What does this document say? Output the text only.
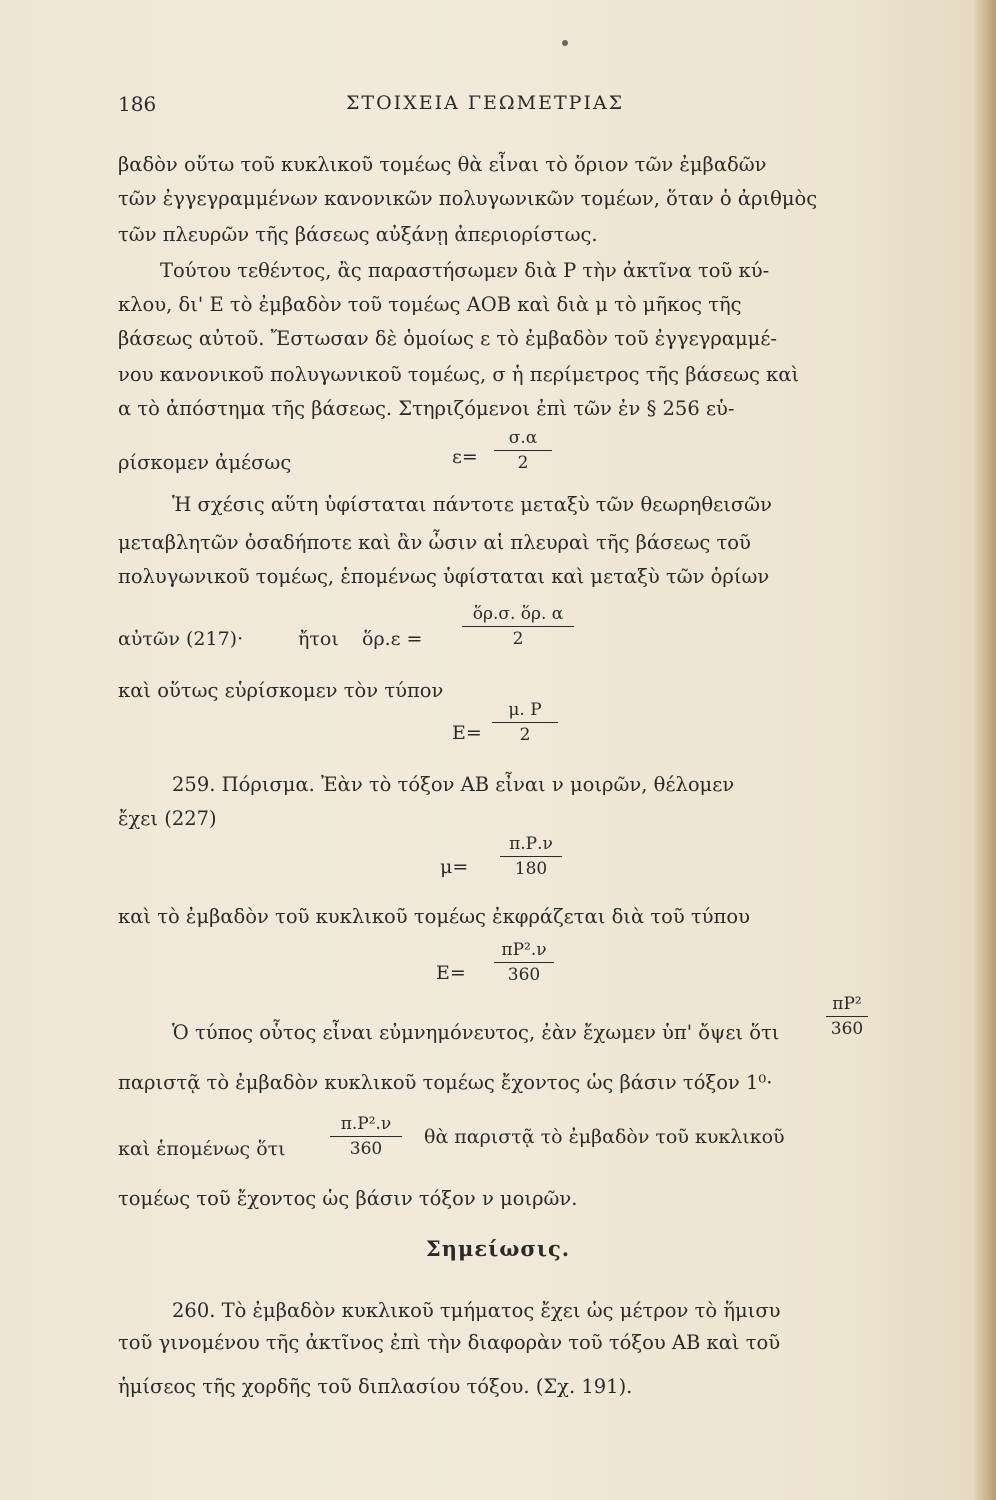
186	ΣΤΟΙΧΕΙΑ ΓΕΩΜΕΤΡΙΑΣ
βαδὸν οὕτω τοῦ κυκλικοῦ τομέως θὰ εἶναι τὸ ὅριον τῶν ἐμβαδῶν
τῶν ἐγγεγραμμένων κανονικῶν πολυγωνικῶν τομέων, ὅταν ὁ ἀριθμὸς
τῶν πλευρῶν τῆς βάσεως αὐξάνῃ ἀπεριορίστως.
Τούτου τεθέντος, ἂς παραστήσωμεν διὰ Ρ τὴν ἀκτῖνα τοῦ κύ-
κλου, δι' Ε τὸ ἐμβαδὸν τοῦ τομέως ΑΟΒ καὶ διὰ μ τὸ μῆκος τῆς
βάσεως αὐτοῦ. Ἔστωσαν δὲ ὁμοίως ε τὸ ἐμβαδὸν τοῦ ἐγγεγραμμέ-
νου κανονικοῦ πολυγωνικοῦ τομέως, σ ἡ περίμετρος τῆς βάσεως καὶ
α τὸ ἀπόστημα τῆς βάσεως. Στηριζόμενοι ἐπὶ τῶν ἐν § 256 εὑ-
ρίσκομεν ἀμέσως	ε=
σ.α
2
Ἡ σχέσις αὕτη ὑφίσταται πάντοτε μεταξὺ τῶν θεωρηθεισῶν
μεταβλητῶν ὁσαδήποτε καὶ ἂν ὦσιν αἱ πλευραὶ τῆς βάσεως τοῦ
πολυγωνικοῦ τομέως, ἑπομένως ὑφίσταται καὶ μεταξὺ τῶν ὁρίων
αὐτῶν (217)·	ἤτοι ὅρ.ε =
ὅρ.σ. ὅρ. α
2
καὶ οὕτως εὑρίσκομεν τὸν τύπον
Ε=
μ. Ρ
2
259. Πόρισμα. Ἐὰν τὸ τόξον ΑΒ εἶναι ν μοιρῶν, θέλομεν
ἔχει (227)
μ=
π.Ρ.ν
180
καὶ τὸ ἐμβαδὸν τοῦ κυκλικοῦ τομέως ἐκφράζεται διὰ τοῦ τύπου
Ε=
πΡ².ν
360
Ὁ τύπος οὗτος εἶναι εὐμνημόνευτος, ἐὰν ἔχωμεν ὑπ' ὄψει ὅτι
πΡ²
360
παριστᾷ τὸ ἐμβαδὸν κυκλικοῦ τομέως ἔχοντος ὡς βάσιν τόξον 1⁰·
καὶ ἑπομένως ὅτι
π.Ρ².ν
360
θὰ παριστᾷ τὸ ἐμβαδὸν τοῦ κυκλικοῦ
τομέως τοῦ ἔχοντος ὡς βάσιν τόξον ν μοιρῶν.
Σημείωσις.
260. Τὸ ἐμβαδὸν κυκλικοῦ τμήματος ἔχει ὡς μέτρον τὸ ἥμισυ
τοῦ γινομένου τῆς ἀκτῖνος ἐπὶ τὴν διαφορὰν τοῦ τόξου ΑΒ καὶ τοῦ
ἡμίσεος τῆς χορδῆς τοῦ διπλασίου τόξου. (Σχ. 191).
